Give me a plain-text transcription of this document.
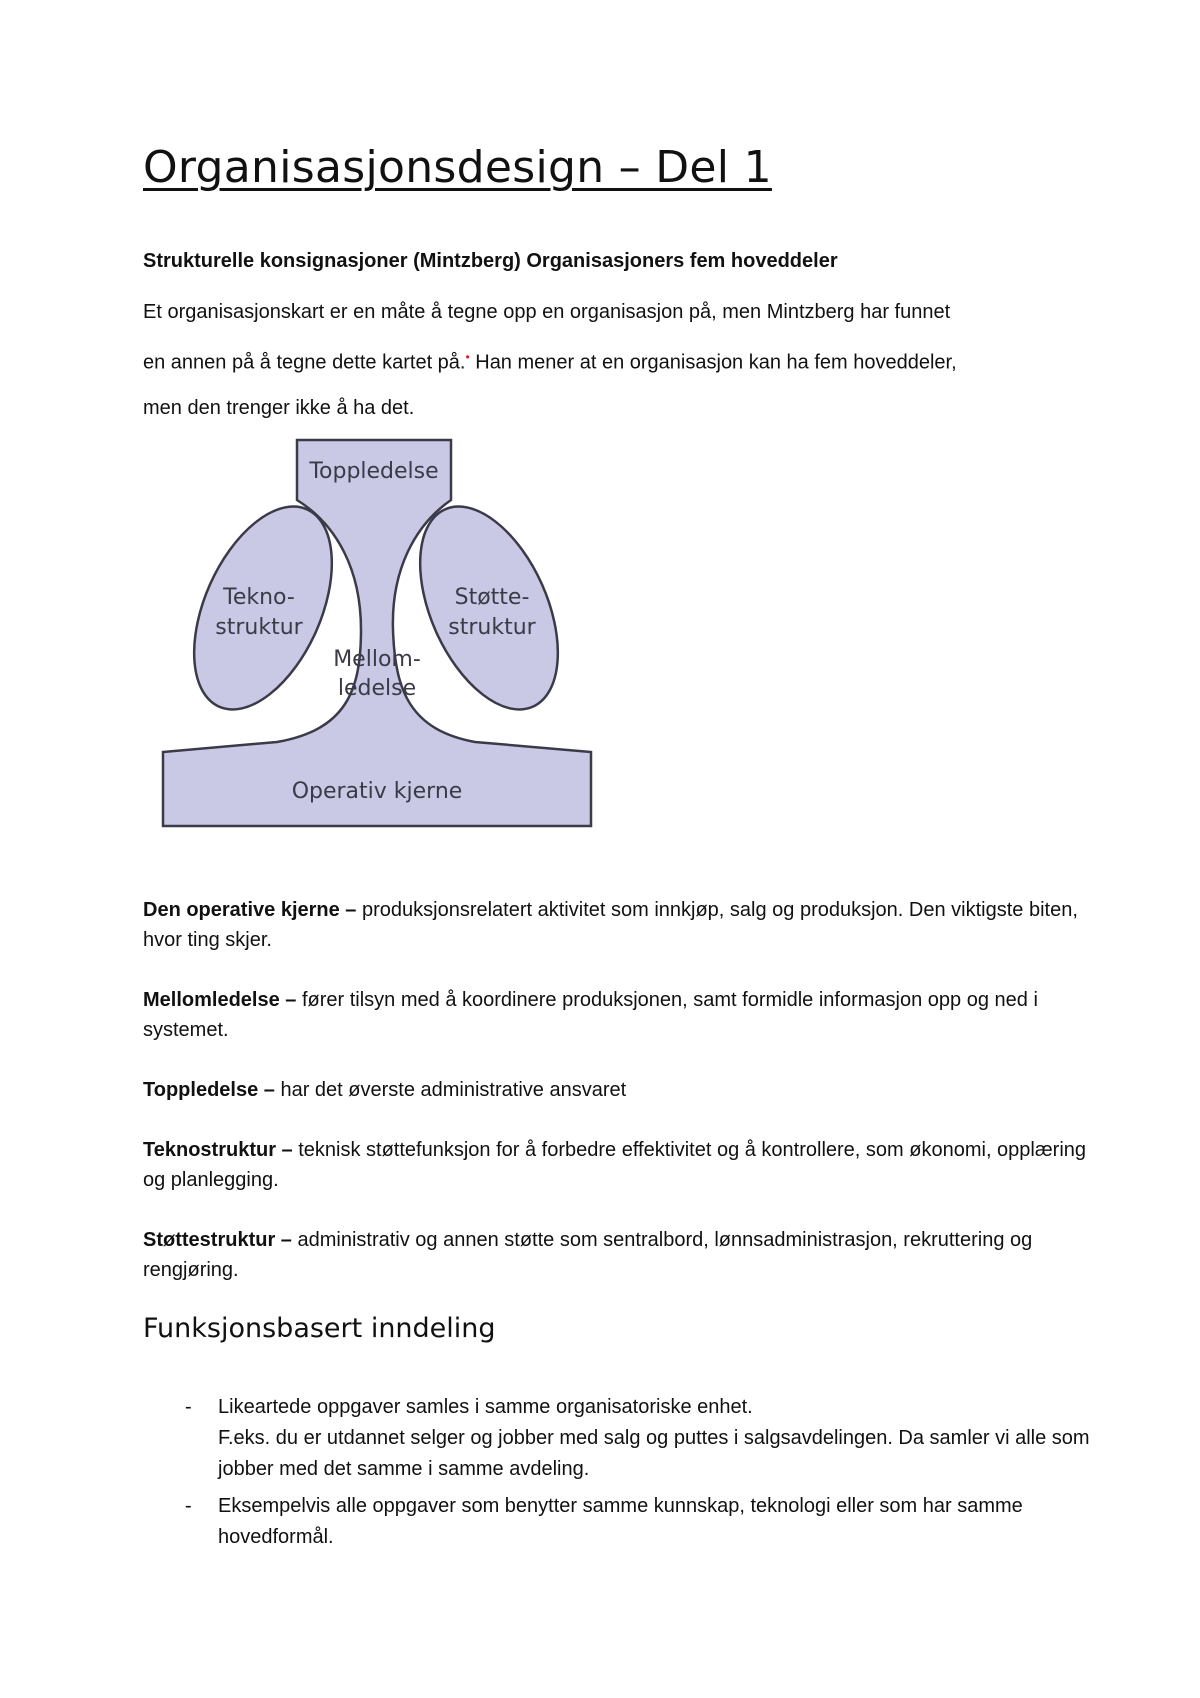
Organisasjonsdesign – Del 1
Strukturelle konsignasjoner (Mintzberg) Organisasjoners fem hoveddeler

Et organisasjonskart er en måte å tegne opp en organisasjon på, men Mintzberg har funnet

en annen på å tegne dette kartet på.• Han mener at en organisasjon kan ha fem hoveddeler,

men den trenger ikke å ha det.

Toppledelse
Tekno-
struktur
Støtte-
struktur
Mellom-
ledelse
Operativ kjerne
Den operative kjerne – produksjonsrelatert aktivitet som innkjøp, salg og produksjon. Den viktigste biten, hvor ting skjer.
Mellomledelse – fører tilsyn med å koordinere produksjonen, samt formidle informasjon opp og ned i systemet.
Toppledelse – har det øverste administrative ansvaret
Teknostruktur – teknisk støttefunksjon for å forbedre effektivitet og å kontrollere, som økonomi, opplæring og planlegging.
Støttestruktur – administrativ og annen støtte som sentralbord, lønnsadministrasjon, rekruttering og rengjøring.
Funksjonsbasert inndeling
- Likeartede oppgaver samles i samme organisatoriske enhet.
F.eks. du er utdannet selger og jobber med salg og puttes i salgsavdelingen. Da samler vi alle som jobber med det samme i samme avdeling.
- Eksempelvis alle oppgaver som benytter samme kunnskap, teknologi eller som har samme hovedformål.
